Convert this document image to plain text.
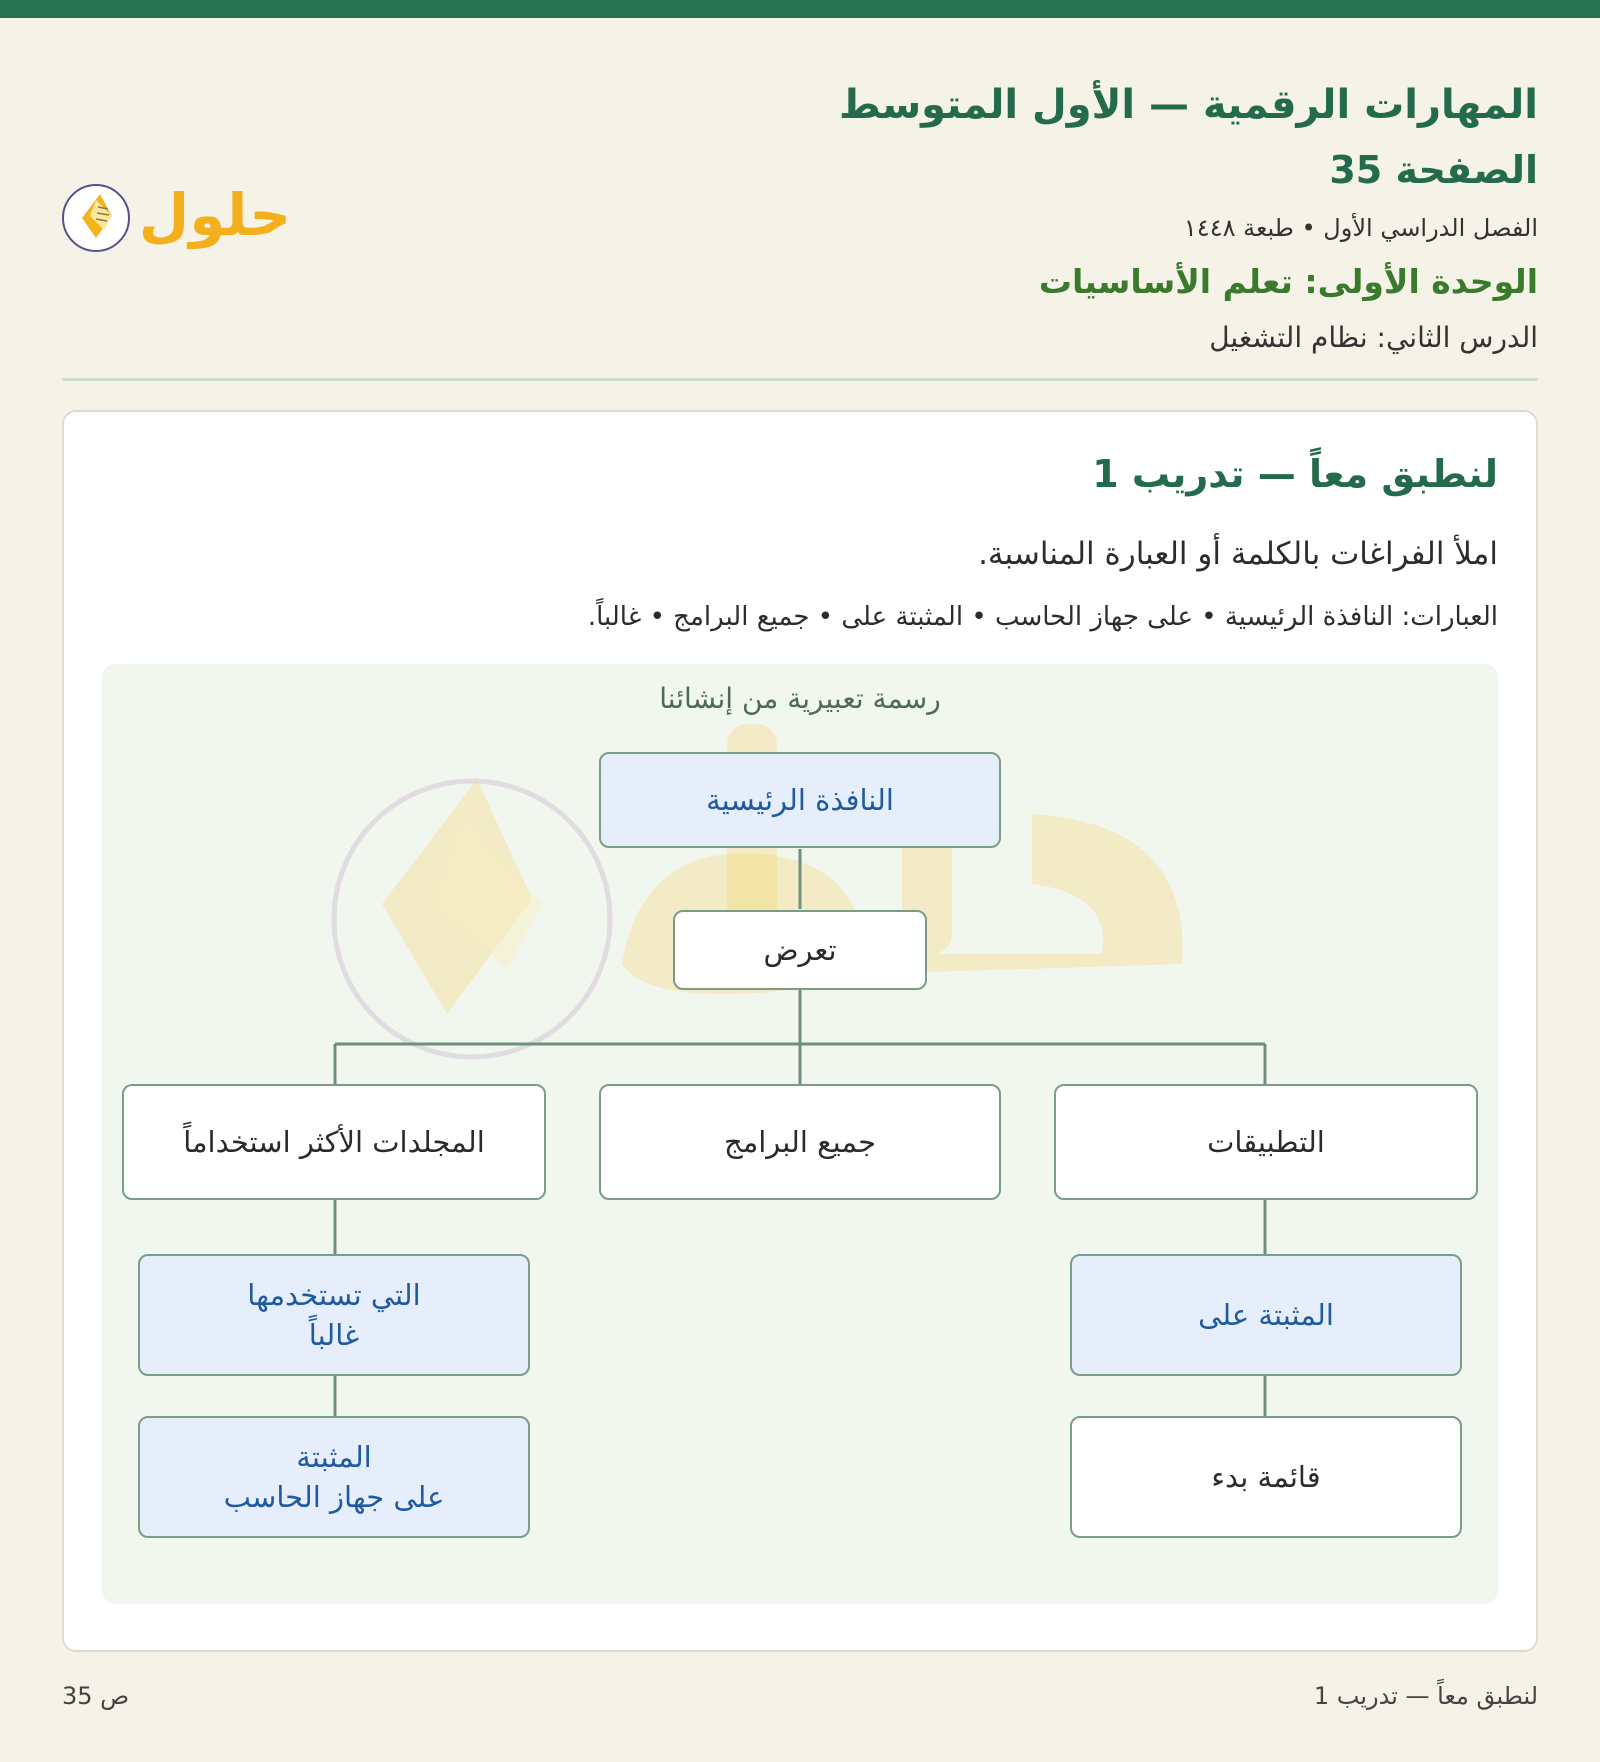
المهارات الرقمية — الأول المتوسط
الصفحة 35
الفصل الدراسي الأول • طبعة ١٤٤٨
الوحدة الأولى: تعلم الأساسيات
الدرس الثاني: نظام التشغيل
حلول
لنطبق معاً — تدريب 1
املأ الفراغات بالكلمة أو العبارة المناسبة.
العبارات: النافذة الرئيسية • على جهاز الحاسب • المثبتة على • جميع البرامج • غالباً.
رسمة تعبيرية من إنشائنا
النافذة الرئيسية
تعرض
التطبيقات
جميع البرامج
المجلدات الأكثر استخداماً
المثبتة على
قائمة بدء
التي تستخدمها
غالباً
المثبتة
على جهاز الحاسب
لنطبق معاً — تدريب 1
ص 35
